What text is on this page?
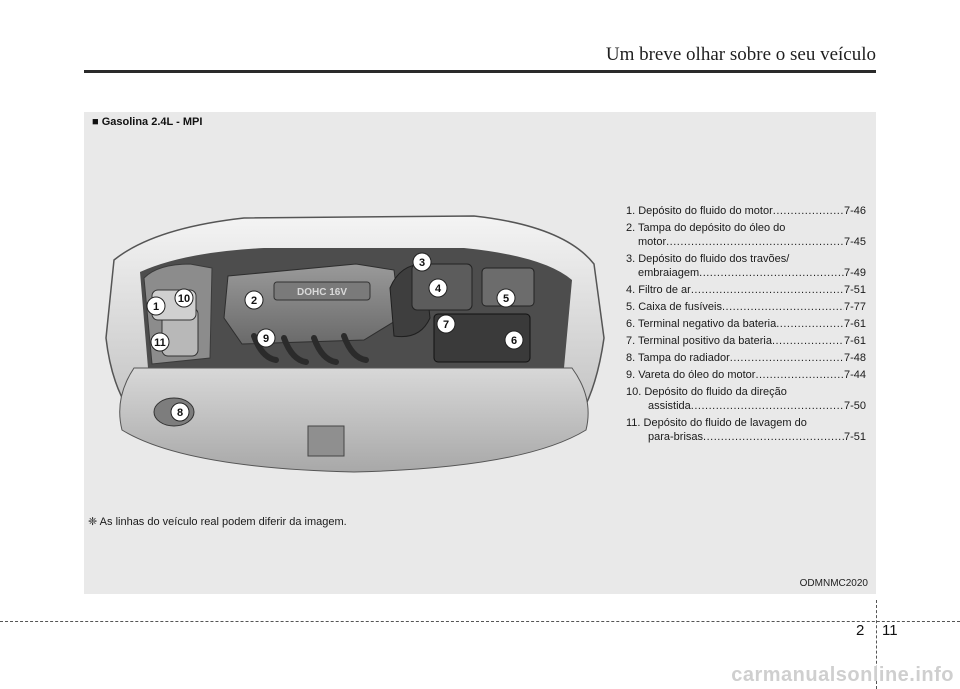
Um breve olhar sobre o seu veículo
■ Gasolina 2.4L - MPI
DOHC 16V
1	2
3
4
5
6
7
8
9
10
11
1. Depósito do fluido do motor .....	7-46
2. Tampa do depósito do óleo do
motor .....	7-45
3. Depósito do fluido dos travões/
embraiagem .....	7-49
4. Filtro de ar .....	7-51
5. Caixa de fusíveis .....	7-77
6. Terminal negativo da bateria .....	7-61
7. Terminal positivo da bateria .....	7-61
8. Tampa do radiador .....	7-48
9. Vareta do óleo do motor .....	7-44
10. Depósito do fluido da direção
assistida .....	7-50
11. Depósito do fluido de lavagem do
para-brisas .....	7-51
❈ As linhas do veículo real podem diferir da imagem.
ODMNMC2020
2 11
carmanualsonline.info
